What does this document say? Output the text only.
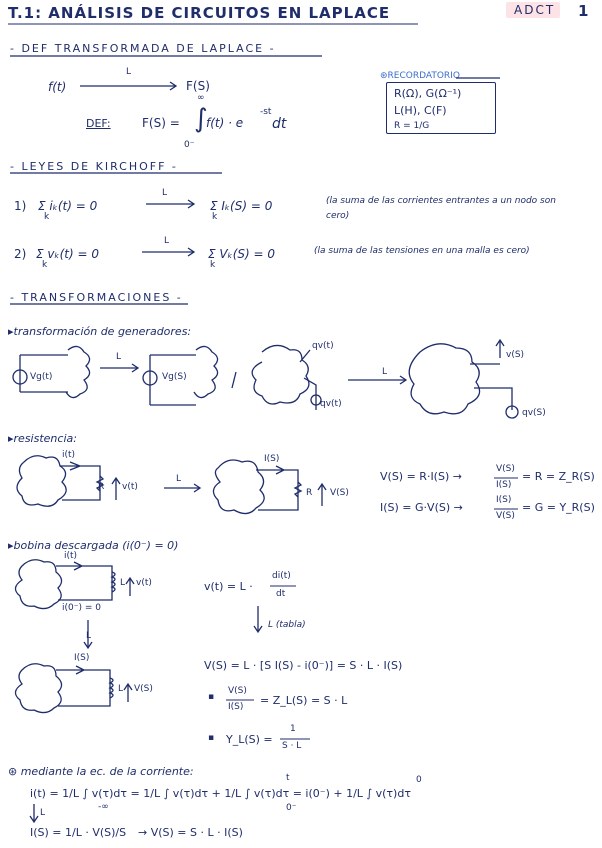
T.1: ANÁLISIS DE CIRCUITOS EN LAPLACE	ADCT 1
- DEF TRANSFORMADA DE LAPLACE -
f(t)
L
F(S)
DEF:	F(S) =
∞
∫
0⁻
f(t) · e
-st
dt
⊛RECORDATORIO
R(Ω), G(Ω⁻¹)
L(H), C(F)
R = 1/G
- LEYES DE KIRCHOFF -
1) Σ iₖ(t) = 0
k
L
Σ Iₖ(S) = 0
k
(la suma de las corrientes entrantes a un nodo son cero)
2) Σ vₖ(t) = 0
k
L
Σ Vₖ(S) = 0
k
(la suma de las tensiones en una malla es cero)
- TRANSFORMACIONES -
▸transformación de generadores:
Vg(t)
L
Vg(S)
qv(t)
qv(t)
L
v(S)
qv(S)
▸resistencia:
i(t)
R v(t)
L
I(S)
R V(S)
V(S) = R·I(S) →
V(S)
I(S)
= R = Z_R(S)
I(S) = G·V(S) →
I(S)
V(S)
= G = Y_R(S)
▸bobina descargada (i(0⁻) = 0)
i(t)
L v(t)
i(0⁻) = 0
L
I(S)
L V(S)
v(t) = L ·
di(t)
dt
L (tabla)
V(S) = L · [S I(S) - i(0⁻)] = S · L · I(S)
▪
V(S)
I(S) = Z_L(S) = S · L
▪ Y_L(S) =
1
S · L
⊛ mediante la ec. de la corriente:
i(t) = 1/L ∫ v(τ)dτ = 1/L ∫ v(τ)dτ + 1/L ∫ v(τ)dτ = i(0⁻) + 1/L ∫ v(τ)dτ
-∞
t
0⁻
0
L
I(S) = 1/L · V(S)/S → V(S) = S · L · I(S)
